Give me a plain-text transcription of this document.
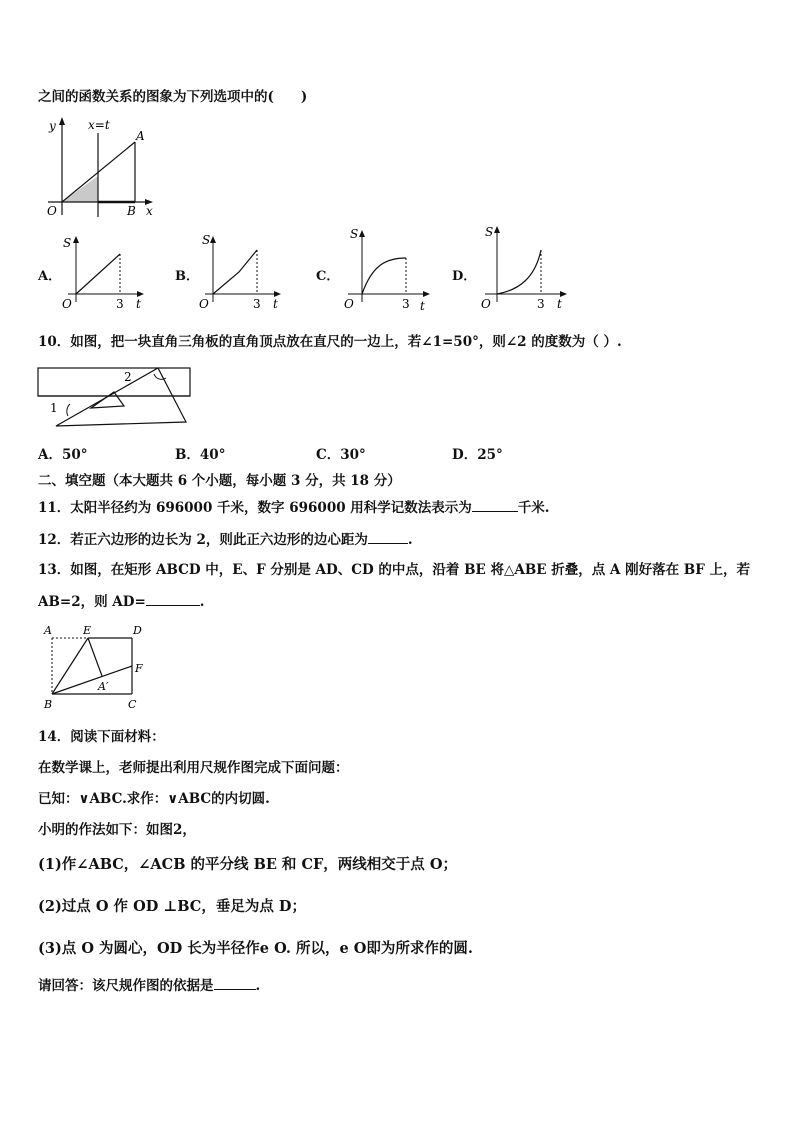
之间的函数关系的图象为下列选项中的(　　)
y
x
O
A
B
x=t
A．
S
t
O	3
B．
S
t
O	3
C．
S
t
O	3
D．
S
t
O	3
10．如图，把一块直角三角板的直角顶点放在直尺的一边上，若∠1=50°，则∠2 的度数为（ ）.
1
2
A．50°	B．40°	C．30°	D．25°
二、填空题（本大题共 6 个小题，每小题 3 分，共 18 分）
11．太阳半径约为 696000 千米，数字 696000 用科学记数法表示为	千米.
12．若正六边形的边长为 2，则此正六边形的边心距为	.
13．如图，在矩形 ABCD 中，E、F 分别是 AD、CD 的中点，沿着 BE 将△ABE 折叠，点 A 刚好落在 BF 上，若
AB=2，则 AD=	.
A	E	D
F
A′
B	C
14．阅读下面材料：
在数学课上，老师提出利用尺规作图完成下面问题：
已知：∨ABC.求作：∨ABC的内切圆.
小明的作法如下：如图2，
(1)作∠ABC，∠ACB 的平分线 BE 和 CF，两线相交于点 O；
(2)过点 O 作 OD ⊥BC，垂足为点 D；
(3)点 O 为圆心，OD 长为半径作e O. 所以，e O即为所求作的圆.
请回答：该尺规作图的依据是	.
